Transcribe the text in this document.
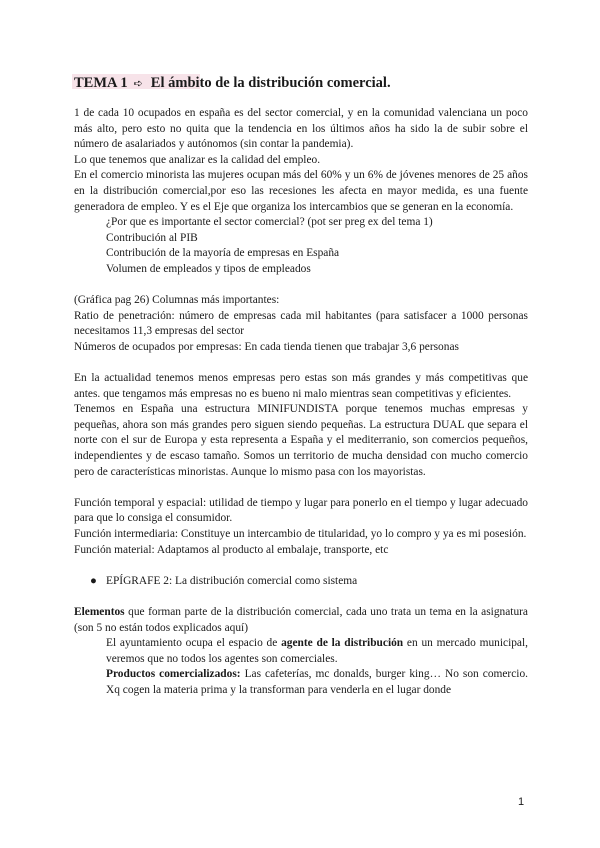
TEMA 1 ➪ El ámbito de la distribución comercial.

1 de cada 10 ocupados en españa es del sector comercial, y en la comunidad valenciana un poco más alto, pero esto no quita que la tendencia en los últimos años ha sido la de subir sobre el número de asalariados y autónomos (sin contar la pandemia).

Lo que tenemos que analizar es la calidad del empleo.

En el comercio minorista las mujeres ocupan más del 60% y un 6% de jóvenes menores de 25 años en la distribución comercial,por eso las recesiones les afecta en mayor medida, es una fuente generadora de empleo. Y es el Eje que organiza los intercambios que se generan en la economía.

¿Por que es importante el sector comercial? (pot ser preg ex del tema 1)

Contribución al PIB

Contribución de la mayoría de empresas en España

Volumen de empleados y tipos de empleados

(Gráfica pag 26) Columnas más importantes:

Ratio de penetración: número de empresas cada mil habitantes (para satisfacer a 1000 personas necesitamos 11,3 empresas del sector

Números de ocupados por empresas: En cada tienda tienen que trabajar 3,6 personas

En la actualidad tenemos menos empresas pero estas son más grandes y más competitivas que antes. que tengamos más empresas no es bueno ni malo mientras sean competitivas y eficientes.

Tenemos en España una estructura MINIFUNDISTA porque tenemos muchas empresas y pequeñas, ahora son más grandes pero siguen siendo pequeñas. La estructura DUAL que separa el norte con el sur de Europa y esta representa a España y el mediterranio, son comercios pequeños, independientes y de escaso tamaño. Somos un territorio de mucha densidad con mucho comercio pero de características minoristas. Aunque lo mismo pasa con los mayoristas.

Función temporal y espacial: utilidad de tiempo y lugar para ponerlo en el tiempo y lugar adecuado para que lo consiga el consumidor.

Función intermediaria: Constituye un intercambio de titularidad, yo lo compro y ya es mi posesión.

Función material: Adaptamos al producto al embalaje, transporte, etc

● EPÍGRAFE 2: La distribución comercial como sistema

Elementos que forman parte de la distribución comercial, cada uno trata un tema en la asignatura (son 5 no están todos explicados aquí)

El ayuntamiento ocupa el espacio de agente de la distribución en un mercado municipal, veremos que no todos los agentes son comerciales.

Productos comercializados: Las cafeterías, mc donalds, burger king… No son comercio. Xq cogen la materia prima y la transforman para venderla en el lugar donde

1
